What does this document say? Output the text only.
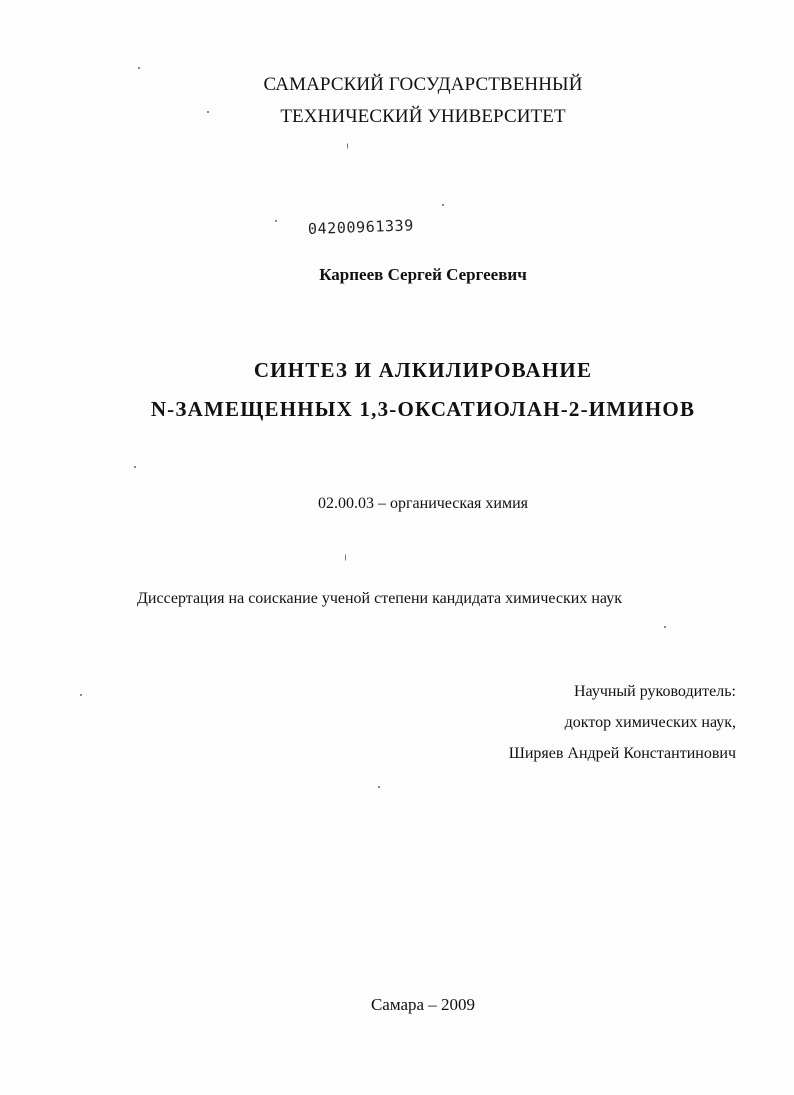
САМАРСКИЙ ГОСУДАРСТВЕННЫЙ
ТЕХНИЧЕСКИЙ УНИВЕРСИТЕТ
04200961339
Карпеев Сергей Сергеевич
СИНТЕЗ И АЛКИЛИРОВАНИЕ
N-ЗАМЕЩЕННЫХ 1,3-ОКСАТИОЛАН-2-ИМИНОВ
02.00.03 – органическая химия
Диссертация на соискание ученой степени кандидата химических наук
Научный руководитель:
доктор химических наук,
Ширяев Андрей Константинович
Самара – 2009
